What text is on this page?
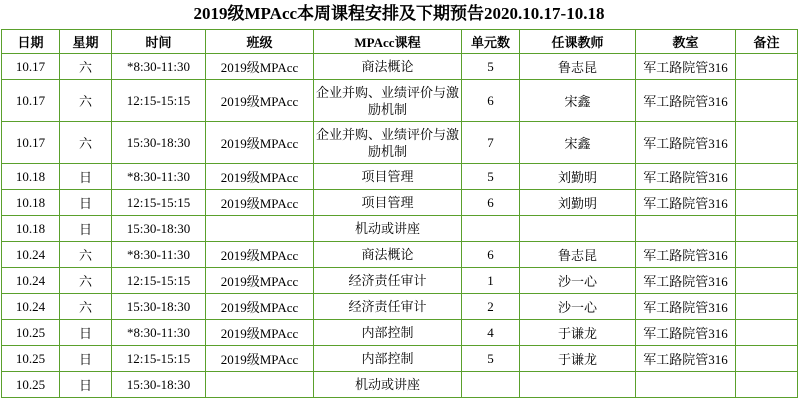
2019级MPAcc本周课程安排及下期预告2020.10.17-10.18
日期	星期	时间	班级	MPAcc课程	单元数	任课教师	教室	备注
10.17	六	*8:30-11:30	2019级MPAcc	商法概论	5	鲁志昆	军工路院管316	
10.17	六	12:15-15:15	2019级MPAcc	企业并购、业绩评价与激励机制	6	宋鑫	军工路院管316	
10.17	六	15:30-18:30	2019级MPAcc	企业并购、业绩评价与激励机制	7	宋鑫	军工路院管316	
10.18	日	*8:30-11:30	2019级MPAcc	项目管理	5	刘勤明	军工路院管316	
10.18	日	12:15-15:15	2019级MPAcc	项目管理	6	刘勤明	军工路院管316	
10.18	日	15:30-18:30		机动或讲座				
10.24	六	*8:30-11:30	2019级MPAcc	商法概论	6	鲁志昆	军工路院管316	
10.24	六	12:15-15:15	2019级MPAcc	经济责任审计	1	沙一心	军工路院管316	
10.24	六	15:30-18:30	2019级MPAcc	经济责任审计	2	沙一心	军工路院管316	
10.25	日	*8:30-11:30	2019级MPAcc	内部控制	4	于谦龙	军工路院管316	
10.25	日	12:15-15:15	2019级MPAcc	内部控制	5	于谦龙	军工路院管316	
10.25	日	15:30-18:30		机动或讲座				
